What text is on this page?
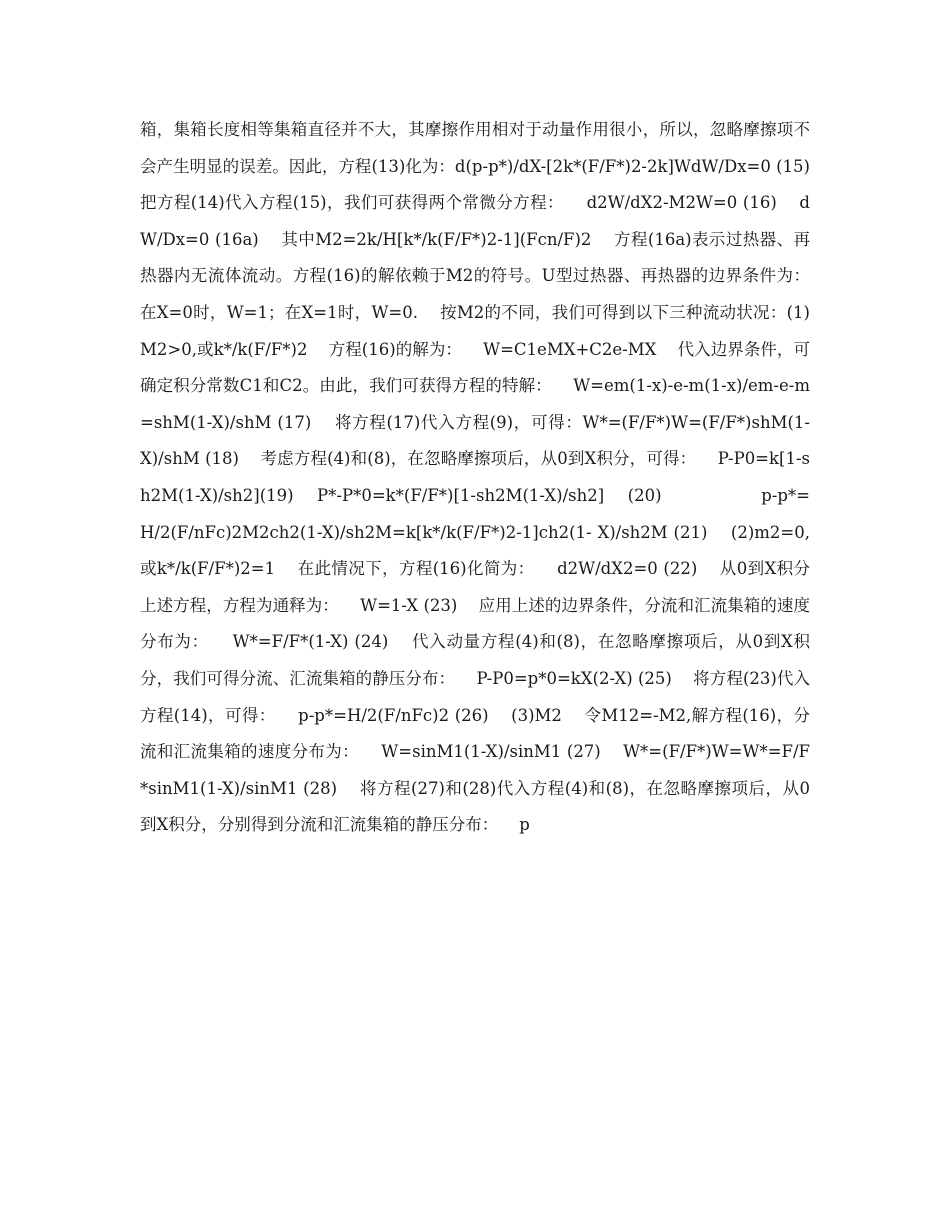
箱，集箱长度相等集箱直径并不大，其摩擦作用相对于动量作用很小，所以，忽略摩擦项不会产生明显的误差。因此，方程(13)化为：d(p-p*)/dX-[2k*(F/F*)2-2k]WdW/Dx=0 (15)    把方程(14)代入方程(15)，我们可获得两个常微分方程：    d2W/dX2-M2W=0 (16)    dW/Dx=0 (16a)    其中M2=2k/H[k*/k(F/F*)2-1](Fcn/F)2    方程(16a)表示过热器、再热器内无流体流动。方程(16)的解依赖于M2的符号。U型过热器、再热器的边界条件为：    在X=0时，W=1；在X=1时，W=0.    按M2的不同，我们可得到以下三种流动状况：(1)M2>0,或k*/k(F/F*)2    方程(16)的解为：    W=C1eMX+C2e-MX    代入边界条件，可确定积分常数C1和C2。由此，我们可获得方程的特解：    W=em(1-x)-e-m(1-x)/em-e-m=shM(1-X)/shM (17)    将方程(17)代入方程(9)，可得：W*=(F/F*)W=(F/F*)shM(1-X)/shM (18)    考虑方程(4)和(8)，在忽略摩擦项后，从0到X积分，可得：    P-P0=k[1-sh2M(1-X)/sh2](19)    P*-P*0=k*(F/F*)[1-sh2M(1-X)/sh2]    (20)                 p-p*=H/2(F/nFc)2M2ch2(1-X)/sh2M=k[k*/k(F/F*)2-1]ch2(1- X)/sh2M (21)    (2)m2=0,或k*/k(F/F*)2=1    在此情况下，方程(16)化简为：    d2W/dX2=0 (22)    从0到X积分上述方程，方程为通释为：    W=1-X (23)    应用上述的边界条件，分流和汇流集箱的速度分布为：    W*=F/F*(1-X) (24)    代入动量方程(4)和(8)，在忽略摩擦项后，从0到X积分，我们可得分流、汇流集箱的静压分布：    P-P0=p*0=kX(2-X) (25)    将方程(23)代入方程(14)，可得：    p-p*=H/2(F/nFc)2 (26)    (3)M2    令M12=-M2,解方程(16)，分流和汇流集箱的速度分布为：    W=sinM1(1-X)/sinM1 (27)    W*=(F/F*)W=W*=F/F*sinM1(1-X)/sinM1 (28)    将方程(27)和(28)代入方程(4)和(8)，在忽略摩擦项后，从0到X积分，分别得到分流和汇流集箱的静压分布：    p
